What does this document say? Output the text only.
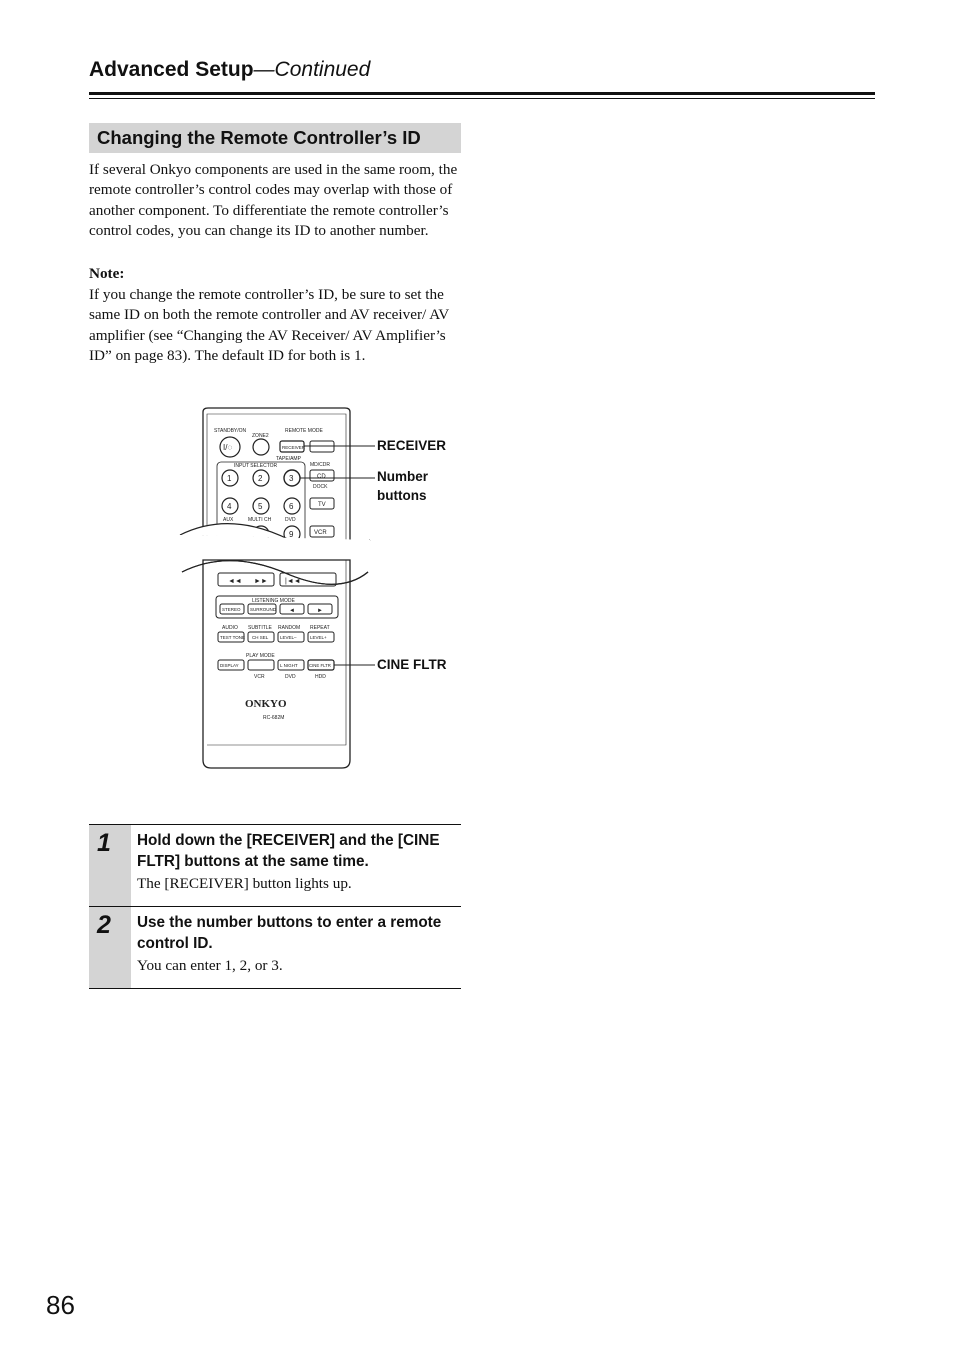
Advanced Setup—Continued
Changing the Remote Controller’s ID

If several Onkyo components are used in the same room, the remote controller’s control codes may overlap with those of another component. To differentiate the remote controller’s control codes, you can change its ID to another number.

Note:

If you change the remote controller’s ID, be sure to set the same ID on both the remote controller and AV receiver/ AV amplifier (see “Changing the AV Receiver/ AV Amplifier’s ID” on page 83). The default ID for both is 1.

STANDBY/ON
ZONE2
REMOTE MODE
I/◌	RECEIVER
TAPE/AMP
MD/CDR
INPUT SELECTOR
1	2	3
4	5	6
AUX	MULTI CH	DVD
9
CD
DOCK
TV
VCR
◄◄ ►► |◄◄
LISTENING MODE
STEREO SURROUND ◄	►
AUDIO SUBTITLE RANDOM REPEAT
TEST TONE CH SEL	LEVEL–	LEVEL+
PLAY MODE
DISPLAY	L NIGHT	CINE FLTR
VCR	DVD	HDD
ONKYO
RC-682M
RECEIVER
Number buttons
CINE FLTR
1	Hold down the [RECEIVER] and the [CINE FLTR] buttons at the same time.
The [RECEIVER] button lights up.
2	Use the number buttons to enter a remote control ID.
You can enter 1, 2, or 3.
86
